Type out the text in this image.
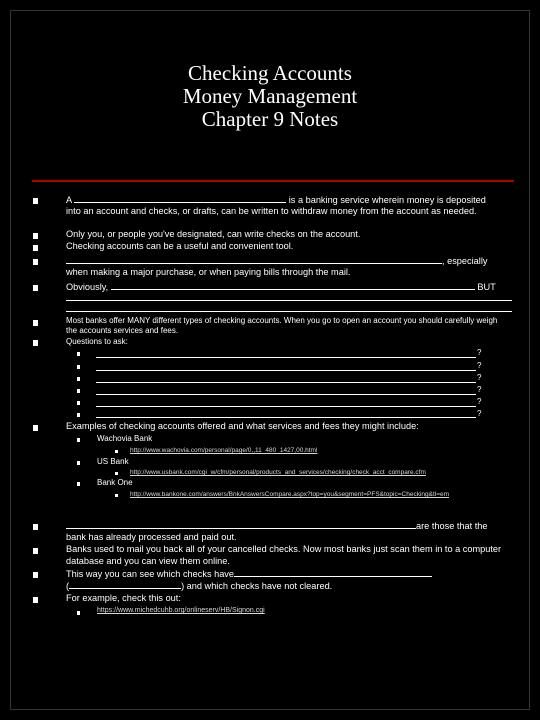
Checking Accounts
Money Management
Chapter 9 Notes
A	is a banking service wherein money is deposited
into an account and checks, or drafts, can be written to withdraw money from the account as needed.
Only you, or people you've designated, can write checks on the account.
Checking accounts can be a useful and convenient tool.
, especially
when making a major purchase, or when paying bills through the mail.
Obviously,	BUT
Most banks offer MANY different types of checking accounts. When you go to open an account you should carefully weigh the accounts services and fees.
Questions to ask:
?
?
?
?
?
?
Examples of checking accounts offered and what services and fees they might include:
Wachovia Bank
http://www.wachovia.com/personal/page/0,,11_480_1427,00.html
US Bank
http://www.usbank.com/cgi_w/cfm/personal/products_and_services/checking/check_acct_compare.cfm
Bank One
http://www.bankone.com/answers/BnkAnswersCompare.aspx?top=you&segment=PFS&topic=Checking&tl=em
are those that the
bank has already processed and paid out.
Banks used to mail you back all of your cancelled checks. Now most banks just scan them in to a computer database and you can view them online.
This way you can see which checks have
(	) and which checks have not cleared.
For example, check this out:
https://www.michedcuhb.org/onlineserv/HB/Signon.cgi
